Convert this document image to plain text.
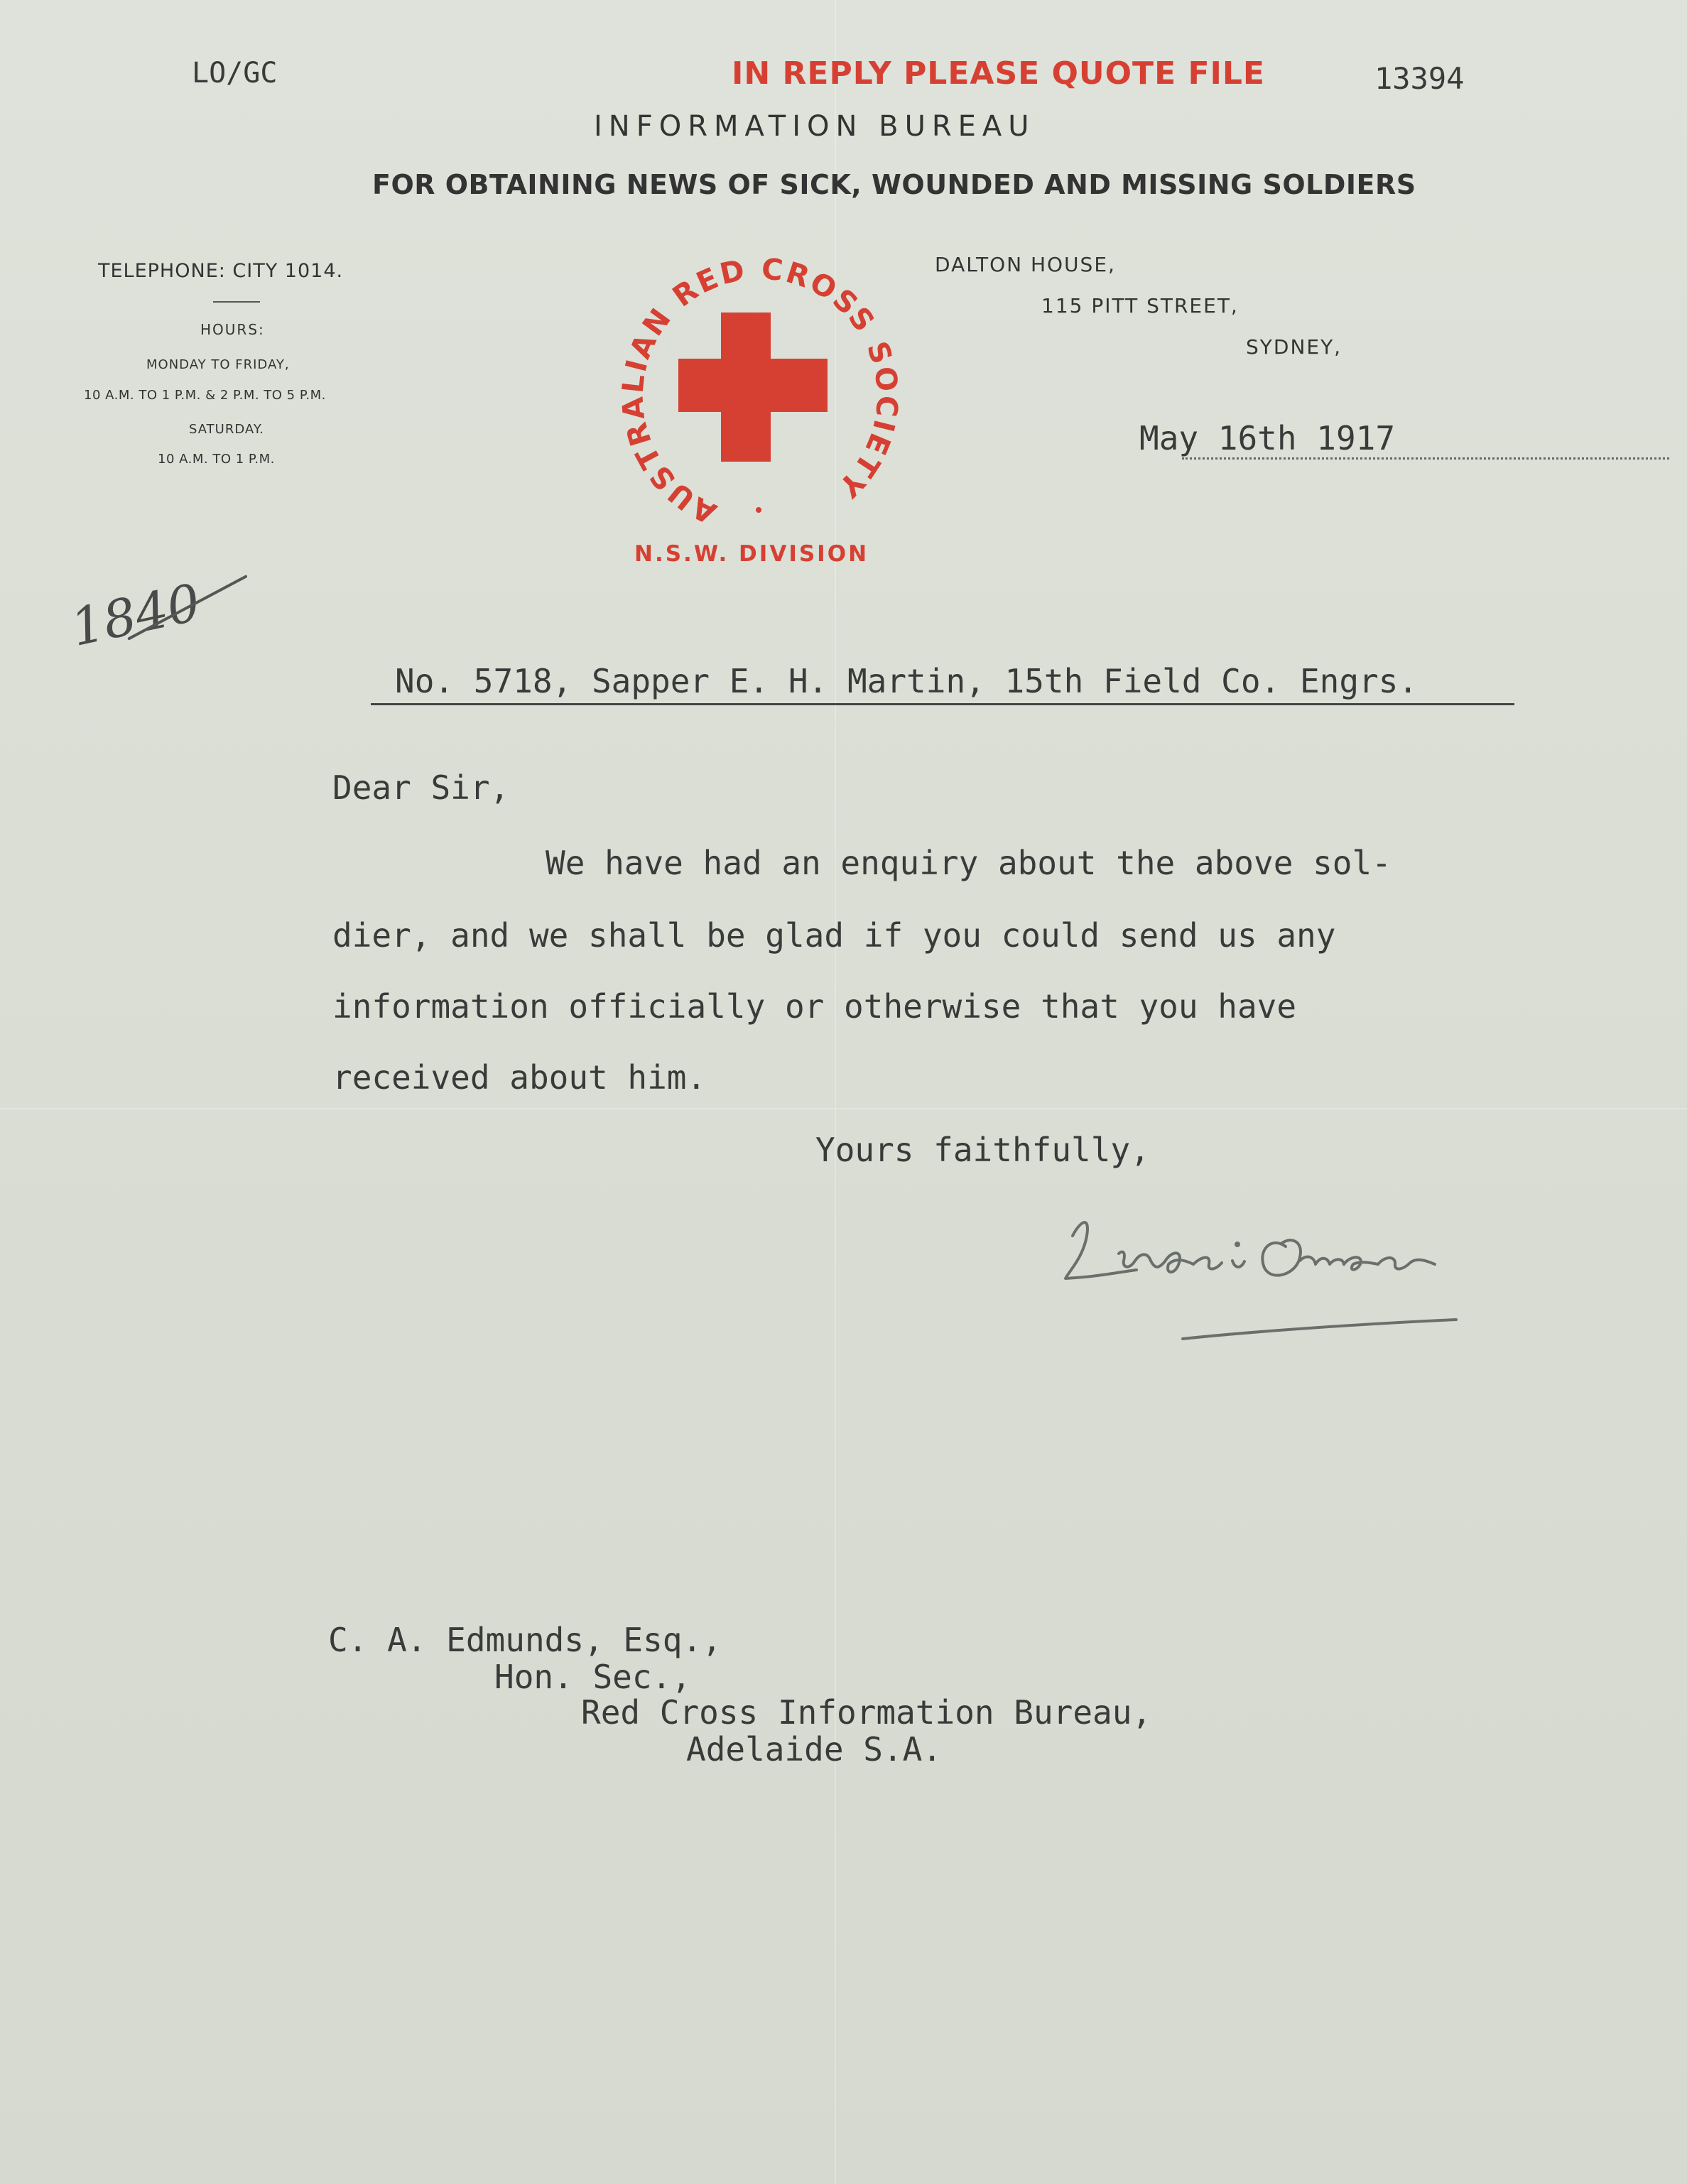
LO/GC	IN REPLY PLEASE QUOTE FILE	13394
INFORMATION BUREAU
FOR OBTAINING NEWS OF SICK, WOUNDED AND MISSING SOLDIERS
TELEPHONE: CITY 1014.
HOURS:
MONDAY TO FRIDAY,
10 A.M. TO 1 P.M. & 2 P.M. TO 5 P.M.
SATURDAY.
10 A.M. TO 1 P.M.
DALTON HOUSE,
115 PITT STREET,
SYDNEY,
May 16th 1917
AUSTRALIAN RED CROSS SOCIETY
N.S.W. DIVISION
1840
No. 5718, Sapper E. H. Martin, 15th Field Co. Engrs.
Dear Sir,
We have had an enquiry about the above sol-
dier, and we shall be glad if you could send us any
information officially or otherwise that you have
received about him.
Yours faithfully,
C. A. Edmunds, Esq.,
Hon. Sec.,
Red Cross Information Bureau,
Adelaide S.A.
